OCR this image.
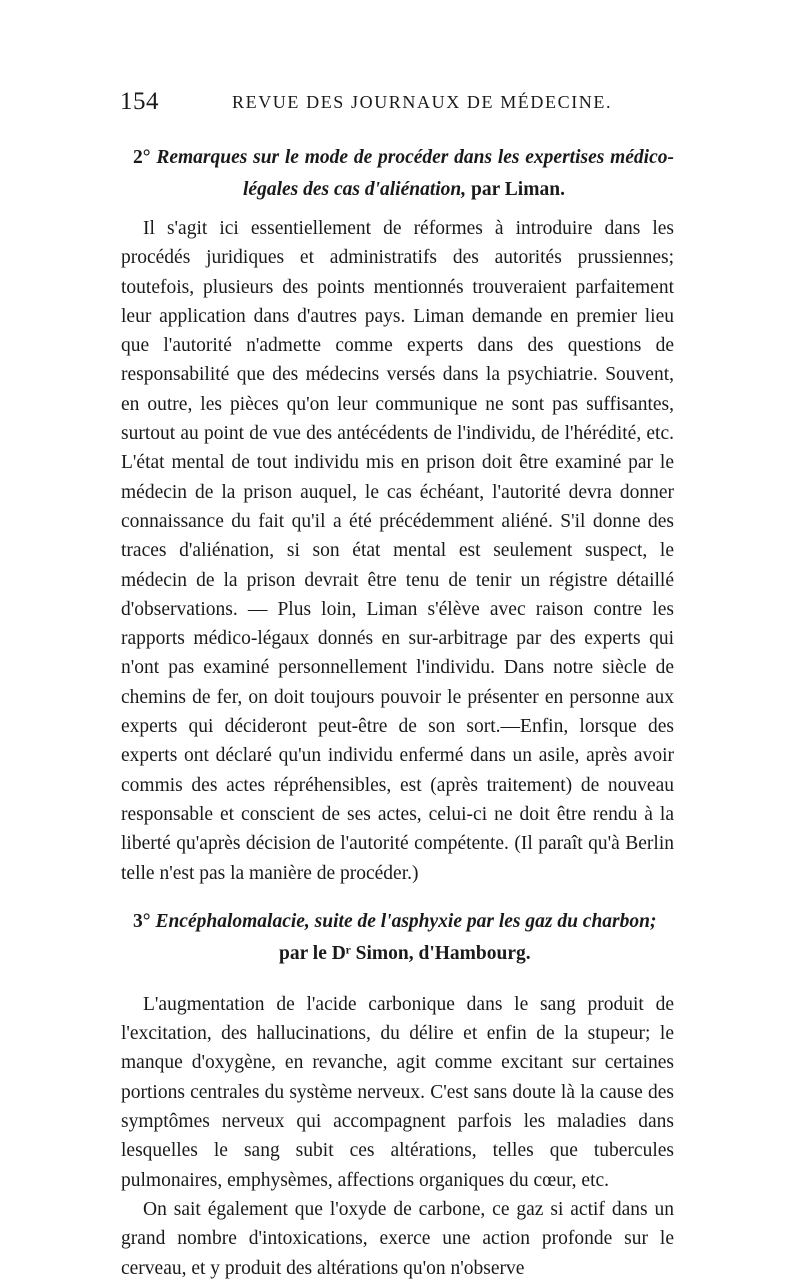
154	REVUE DES JOURNAUX DE MÉDECINE.
2° Remarques sur le mode de procéder dans les expertises médico-légales des cas d'aliénation, par Liman.

Il s'agit ici essentiellement de réformes à introduire dans les procédés juridiques et administratifs des autorités prussiennes; toutefois, plusieurs des points mentionnés trouveraient parfaitement leur application dans d'autres pays. Liman demande en premier lieu que l'autorité n'admette comme experts dans des questions de responsabilité que des médecins versés dans la psychiatrie. Souvent, en outre, les pièces qu'on leur communique ne sont pas suffisantes, surtout au point de vue des antécédents de l'individu, de l'hérédité, etc. L'état mental de tout individu mis en prison doit être examiné par le médecin de la prison auquel, le cas échéant, l'autorité devra donner connaissance du fait qu'il a été précédemment aliéné. S'il donne des traces d'aliénation, si son état mental est seulement suspect, le médecin de la prison devrait être tenu de tenir un régistre détaillé d'observations. — Plus loin, Liman s'élève avec raison contre les rapports médico-légaux donnés en sur-arbitrage par des experts qui n'ont pas examiné personnellement l'individu. Dans notre siècle de chemins de fer, on doit toujours pouvoir le présenter en personne aux experts qui décideront peut-être de son sort.—Enfin, lorsque des experts ont déclaré qu'un individu enfermé dans un asile, après avoir commis des actes répréhensibles, est (après traitement) de nouveau responsable et conscient de ses actes, celui-ci ne doit être rendu à la liberté qu'après décision de l'autorité compétente. (Il paraît qu'à Berlin telle n'est pas la manière de procéder.)

3° Encéphalomalacie, suite de l'asphyxie par les gaz du charbon;
par le Dʳ Simon, d'Hambourg.

L'augmentation de l'acide carbonique dans le sang produit de l'excitation, des hallucinations, du délire et enfin de la stupeur; le manque d'oxygène, en revanche, agit comme excitant sur certaines portions centrales du système nerveux. C'est sans doute là la cause des symptômes nerveux qui accompagnent parfois les maladies dans lesquelles le sang subit ces altérations, telles que tubercules pulmonaires, emphysèmes, affections organiques du cœur, etc.

On sait également que l'oxyde de carbone, ce gaz si actif dans un grand nombre d'intoxications, exerce une action profonde sur le cerveau, et y produit des altérations qu'on n'observe
